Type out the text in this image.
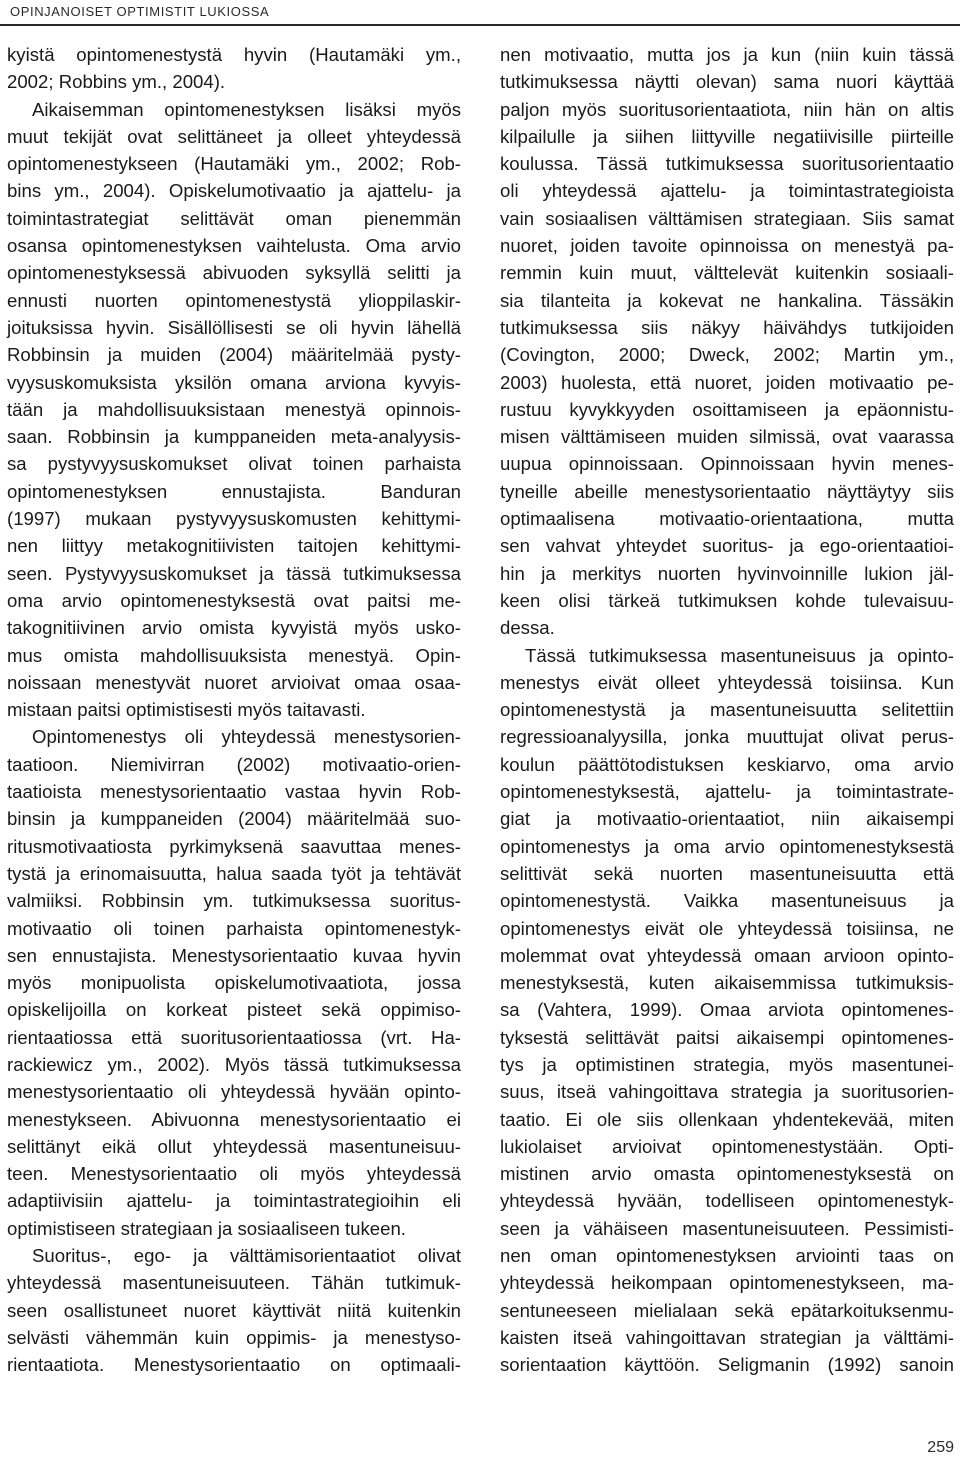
OPINJANOISET OPTIMISTIT LUKIOSSA
kyistä opintomenestystä hyvin (Hautamäki ym.,
2002; Robbins ym., 2004).
Aikaisemman opintomenestyksen lisäksi myös
muut tekijät ovat selittäneet ja olleet yhteydessä
opintomenestykseen (Hautamäki ym., 2002; Rob-
bins ym., 2004). Opiskelumotivaatio ja ajattelu- ja
toimintastrategiat selittävät oman pienemmän
osansa opintomenestyksen vaihtelusta. Oma arvio
opintomenestyksessä abivuoden syksyllä selitti ja
ennusti nuorten opintomenestystä ylioppilaskir-
joituksissa hyvin. Sisällöllisesti se oli hyvin lähellä
Robbinsin ja muiden (2004) määritelmää pysty-
vyysuskomuksista yksilön omana arviona kyvyis-
tään ja mahdollisuuksistaan menestyä opinnois-
saan. Robbinsin ja kumppaneiden meta-analyysis-
sa pystyvyysuskomukset olivat toinen parhaista
opintomenestyksen ennustajista. Banduran
(1997) mukaan pystyvyysuskomusten kehittymi-
nen liittyy metakognitiivisten taitojen kehittymi-
seen. Pystyvyysuskomukset ja tässä tutkimuksessa
oma arvio opintomenestyksestä ovat paitsi me-
takognitiivinen arvio omista kyvyistä myös usko-
mus omista mahdollisuuksista menestyä. Opin-
noissaan menestyvät nuoret arvioivat omaa osaa-
mistaan paitsi optimistisesti myös taitavasti.
Opintomenestys oli yhteydessä menestysorien-
taatioon. Niemivirran (2002) motivaatio-orien-
taatioista menestysorientaatio vastaa hyvin Rob-
binsin ja kumppaneiden (2004) määritelmää suo-
ritusmotivaatiosta pyrkimyksenä saavuttaa menes-
tystä ja erinomaisuutta, halua saada työt ja tehtävät
valmiiksi. Robbinsin ym. tutkimuksessa suoritus-
motivaatio oli toinen parhaista opintomenestyk-
sen ennustajista. Menestysorientaatio kuvaa hyvin
myös monipuolista opiskelumotivaatiota, jossa
opiskelijoilla on korkeat pisteet sekä oppimiso-
rientaatiossa että suoritusorientaatiossa (vrt. Ha-
rackiewicz ym., 2002). Myös tässä tutkimuksessa
menestysorientaatio oli yhteydessä hyvään opinto-
menestykseen. Abivuonna menestysorientaatio ei
selittänyt eikä ollut yhteydessä masentuneisuu-
teen. Menestysorientaatio oli myös yhteydessä
adaptiivisiin ajattelu- ja toimintastrategioihin eli
optimistiseen strategiaan ja sosiaaliseen tukeen.
Suoritus-, ego- ja välttämisorientaatiot olivat
yhteydessä masentuneisuuteen. Tähän tutkimuk-
seen osallistuneet nuoret käyttivät niitä kuitenkin
selvästi vähemmän kuin oppimis- ja menestyso-
rientaatiota. Menestysorientaatio on optimaali-
nen motivaatio, mutta jos ja kun (niin kuin tässä
tutkimuksessa näytti olevan) sama nuori käyttää
paljon myös suoritusorientaatiota, niin hän on altis
kilpailulle ja siihen liittyville negatiivisille piirteille
koulussa. Tässä tutkimuksessa suoritusorientaatio
oli yhteydessä ajattelu- ja toimintastrategioista
vain sosiaalisen välttämisen strategiaan. Siis samat
nuoret, joiden tavoite opinnoissa on menestyä pa-
remmin kuin muut, välttelevät kuitenkin sosiaali-
sia tilanteita ja kokevat ne hankalina. Tässäkin
tutkimuksessa siis näkyy häivähdys tutkijoiden
(Covington, 2000; Dweck, 2002; Martin ym.,
2003) huolesta, että nuoret, joiden motivaatio pe-
rustuu kyvykkyyden osoittamiseen ja epäonnistu-
misen välttämiseen muiden silmissä, ovat vaarassa
uupua opinnoissaan. Opinnoissaan hyvin menes-
tyneille abeille menestysorientaatio näyttäytyy siis
optimaalisena motivaatio-orientaationa, mutta
sen vahvat yhteydet suoritus- ja ego-orientaatioi-
hin ja merkitys nuorten hyvinvoinnille lukion jäl-
keen olisi tärkeä tutkimuksen kohde tulevaisuu-
dessa.
Tässä tutkimuksessa masentuneisuus ja opinto-
menestys eivät olleet yhteydessä toisiinsa. Kun
opintomenestystä ja masentuneisuutta selitettiin
regressioanalyysilla, jonka muuttujat olivat perus-
koulun päättötodistuksen keskiarvo, oma arvio
opintomenestyksestä, ajattelu- ja toimintastrate-
giat ja motivaatio-orientaatiot, niin aikaisempi
opintomenestys ja oma arvio opintomenestyksestä
selittivät sekä nuorten masentuneisuutta että
opintomenestystä. Vaikka masentuneisuus ja
opintomenestys eivät ole yhteydessä toisiinsa, ne
molemmat ovat yhteydessä omaan arvioon opinto-
menestyksestä, kuten aikaisemmissa tutkimuksis-
sa (Vahtera, 1999). Omaa arviota opintomenes-
tyksestä selittävät paitsi aikaisempi opintomenes-
tys ja optimistinen strategia, myös masentunei-
suus, itseä vahingoittava strategia ja suoritusorien-
taatio. Ei ole siis ollenkaan yhdentekevää, miten
lukiolaiset arvioivat opintomenestystään. Opti-
mistinen arvio omasta opintomenestyksestä on
yhteydessä hyvään, todelliseen opintomenestyk-
seen ja vähäiseen masentuneisuuteen. Pessimisti-
nen oman opintomenestyksen arviointi taas on
yhteydessä heikompaan opintomenestykseen, ma-
sentuneeseen mielialaan sekä epätarkoituksenmu-
kaisten itseä vahingoittavan strategian ja välttämi-
sorientaation käyttöön. Seligmanin (1992) sanoin
259
